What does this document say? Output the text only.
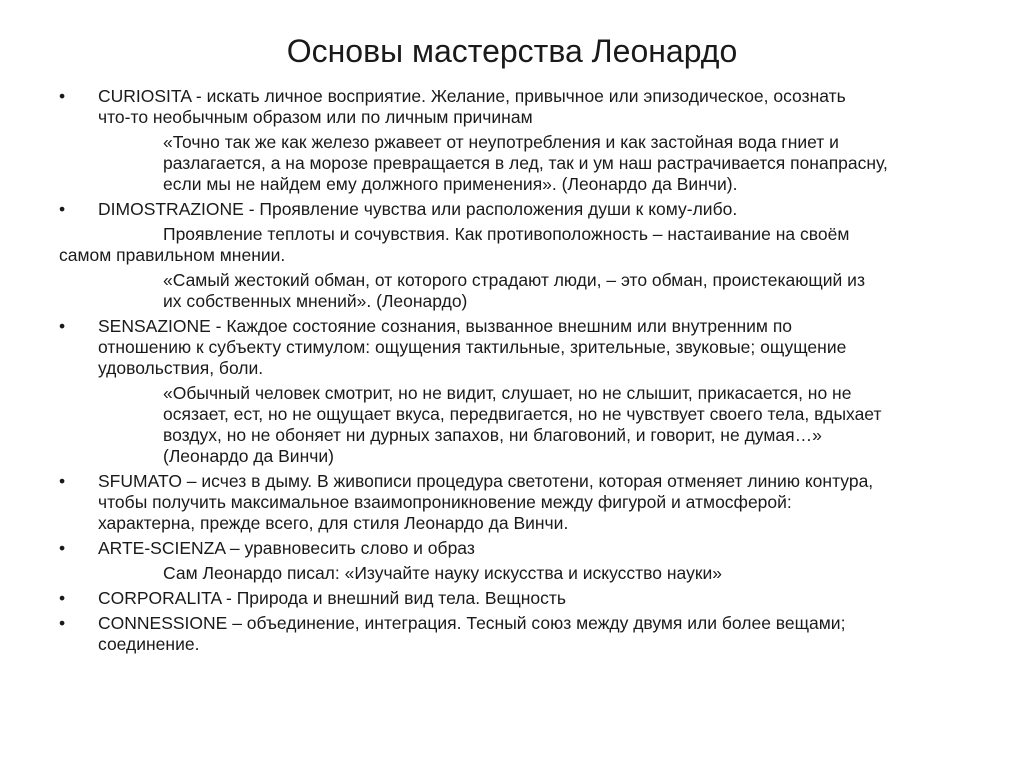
Основы мастерства Леонардо
• CURIOSITA - искать личное восприятие. Желание, привычное или эпизодическое, осознать
что-то необычным образом или по личным причинам
«Точно так же как железо ржавеет от неупотребления и как застойная вода гниет и
разлагается, а на морозе превращается в лед, так и ум наш растрачивается понапрасну,
если мы не найдем ему должного применения». (Леонардо да Винчи).
• DIMOSTRAZIONE - Проявление чувства или расположения души к кому-либо.
Проявление теплоты и сочувствия. Как противоположность – настаивание на своём
самом правильном мнении.
«Самый жестокий обман, от которого страдают люди, – это обман, проистекающий из
их собственных мнений». (Леонардо)
• SENSAZIONE - Каждое состояние сознания, вызванное внешним или внутренним по
отношению к субъекту стимулом: ощущения тактильные, зрительные, звуковые; ощущение
удовольствия, боли.
«Обычный человек смотрит, но не видит, слушает, но не слышит, прикасается, но не
осязает, ест, но не ощущает вкуса, передвигается, но не чувствует своего тела, вдыхает
воздух, но не обоняет ни дурных запахов, ни благовоний, и говорит, не думая…»
(Леонардо да Винчи)
• SFUMATO – исчез в дыму. В живописи процедура светотени, которая отменяет линию контура,
чтобы получить максимальное взаимопроникновение между фигурой и атмосферой:
характерна, прежде всего, для стиля Леонардо да Винчи.
• ARTE-SCIENZA – уравновесить слово и образ
Сам Леонардо писал: «Изучайте науку искусства и искусство науки»
• CORPORALITA - Природа и внешний вид тела. Вещность
• CONNESSIONE – объединение, интеграция. Тесный союз между двумя или более вещами;
соединение.
